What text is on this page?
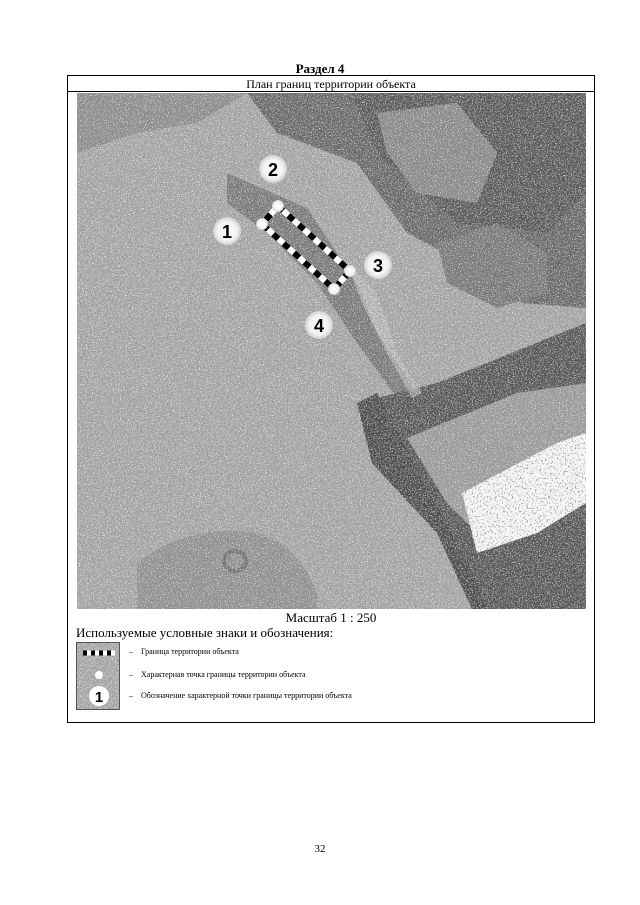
Раздел 4
План границ территории объекта
1
2
3
4
Масштаб 1 : 250
Используемые условные знаки и обозначения:
1
– Граница территории объекта
– Характерная точка границы территории объекта
– Обозначение характерной точки границы территории объекта
32
